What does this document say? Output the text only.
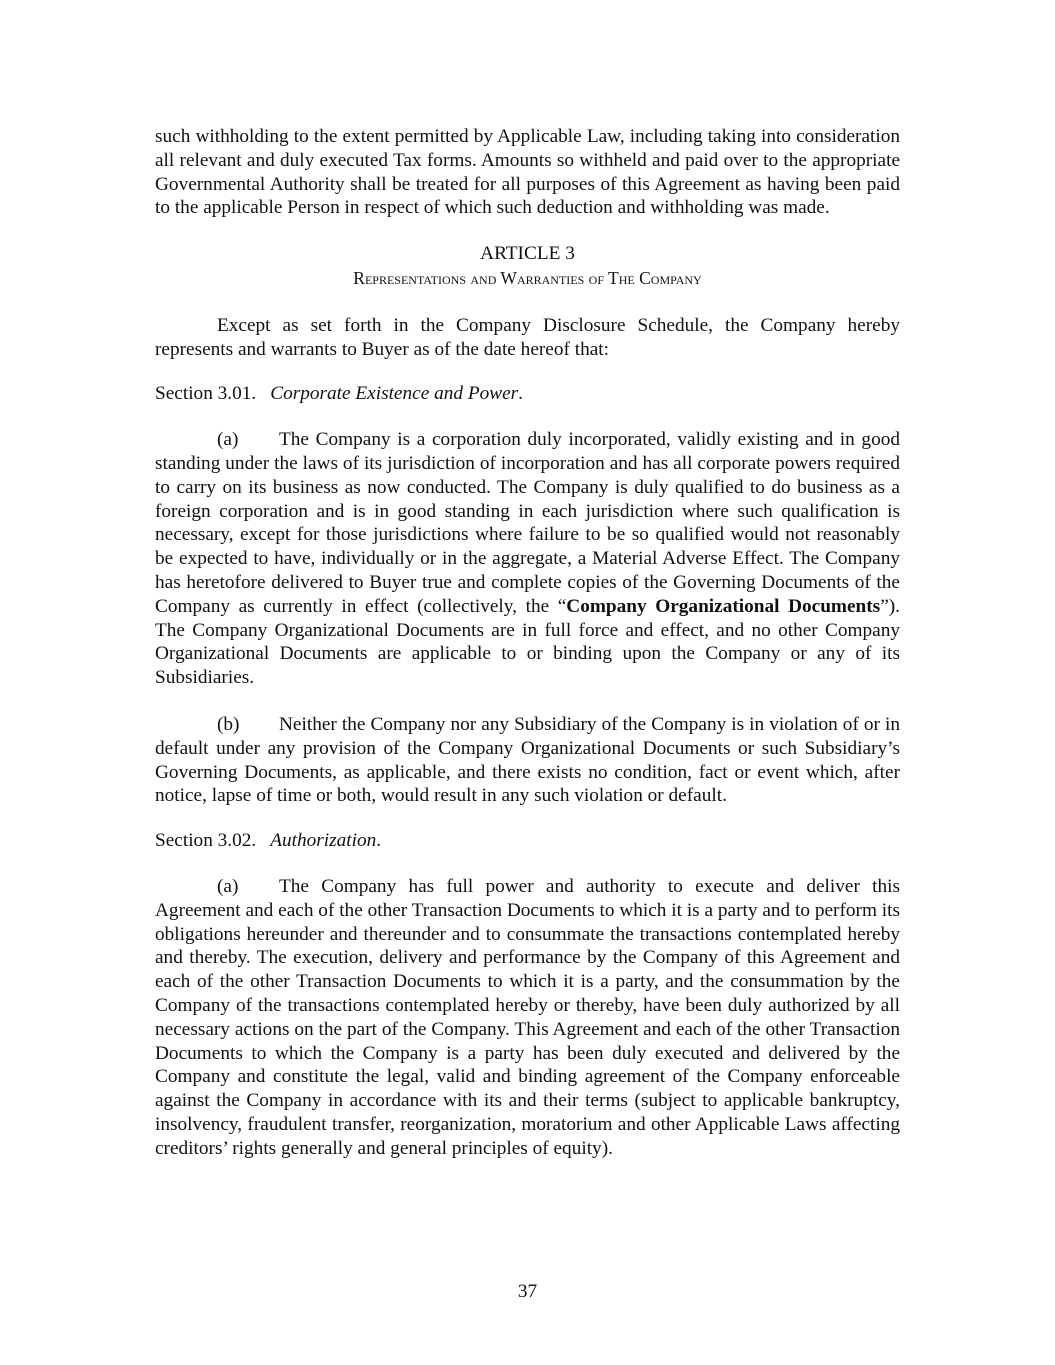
such withholding to the extent permitted by Applicable Law, including taking into consideration all relevant and duly executed Tax forms. Amounts so withheld and paid over to the appropriate Governmental Authority shall be treated for all purposes of this Agreement as having been paid to the applicable Person in respect of which such deduction and withholding was made.

ARTICLE 3
Representations and Warranties of The Company

Except as set forth in the Company Disclosure Schedule, the Company hereby represents and warrants to Buyer as of the date hereof that:

Section 3.01. Corporate Existence and Power.

(a) The Company is a corporation duly incorporated, validly existing and in good standing under the laws of its jurisdiction of incorporation and has all corporate powers required to carry on its business as now conducted. The Company is duly qualified to do business as a foreign corporation and is in good standing in each jurisdiction where such qualification is necessary, except for those jurisdictions where failure to be so qualified would not reasonably be expected to have, individually or in the aggregate, a Material Adverse Effect. The Company has heretofore delivered to Buyer true and complete copies of the Governing Documents of the Company as currently in effect (collectively, the “Company Organizational Documents”). The Company Organizational Documents are in full force and effect, and no other Company Organizational Documents are applicable to or binding upon the Company or any of its Subsidiaries.

(b) Neither the Company nor any Subsidiary of the Company is in violation of or in default under any provision of the Company Organizational Documents or such Subsidiary’s Governing Documents, as applicable, and there exists no condition, fact or event which, after notice, lapse of time or both, would result in any such violation or default.

Section 3.02. Authorization.

(a) The Company has full power and authority to execute and deliver this Agreement and each of the other Transaction Documents to which it is a party and to perform its obligations hereunder and thereunder and to consummate the transactions contemplated hereby and thereby. The execution, delivery and performance by the Company of this Agreement and each of the other Transaction Documents to which it is a party, and the consummation by the Company of the transactions contemplated hereby or thereby, have been duly authorized by all necessary actions on the part of the Company. This Agreement and each of the other Transaction Documents to which the Company is a party has been duly executed and delivered by the Company and constitute the legal, valid and binding agreement of the Company enforceable against the Company in accordance with its and their terms (subject to applicable bankruptcy, insolvency, fraudulent transfer, reorganization, moratorium and other Applicable Laws affecting creditors’ rights generally and general principles of equity).

37
